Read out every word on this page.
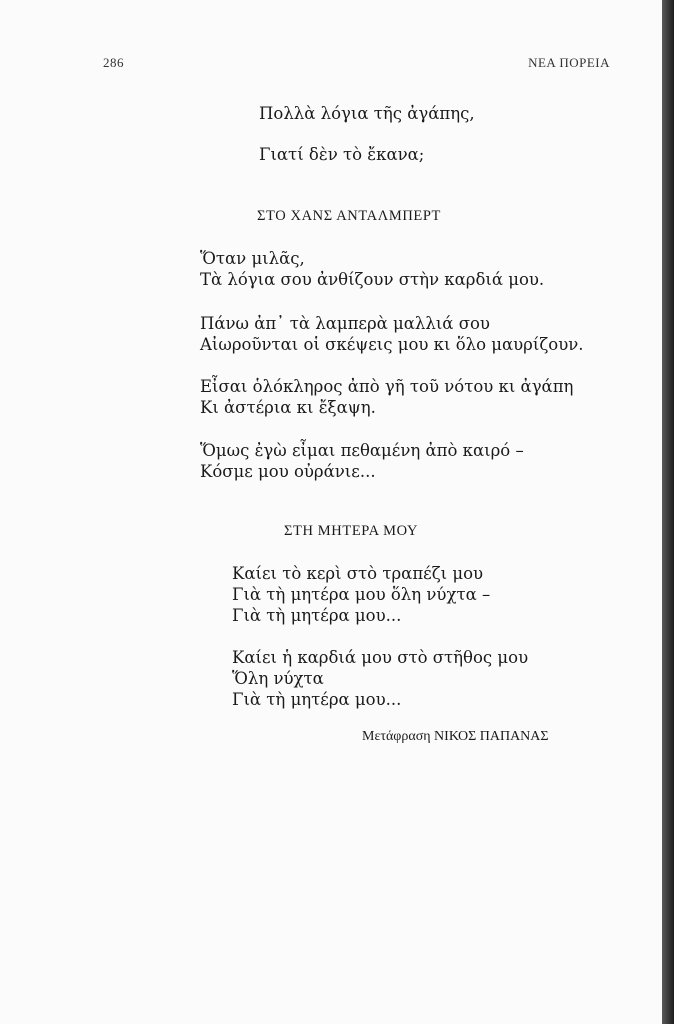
286	ΝΕΑ ΠΟΡΕΙΑ
Πολλὰ λόγια τῆς ἀγάπης,
Γιατί δὲν τὸ ἔκανα;
ΣΤΟ ΧΑΝΣ ΑΝΤΑΛΜΠΕΡΤ
Ὅταν μιλᾶς,
Τὰ λόγια σου ἀνθίζουν στὴν καρδιά μου.
Πάνω ἀπ᾽ τὰ λαμπερὰ μαλλιά σου
Αἰωροῦνται οἱ σκέψεις μου κι ὅλο μαυρίζουν.
Εἶσαι ὁλόκληρος ἀπὸ γῆ τοῦ νότου κι ἀγάπη
Κι ἀστέρια κι ἔξαψη.
Ὅμως ἐγὼ εἶμαι πεθαμένη ἀπὸ καιρό –
Κόσμε μου οὐράνιε...
ΣΤΗ ΜΗΤΕΡΑ ΜΟΥ
Καίει τὸ κερὶ στὸ τραπέζι μου
Γιὰ τὴ μητέρα μου ὅλη νύχτα –
Γιὰ τὴ μητέρα μου...
Καίει ἡ καρδιά μου στὸ στῆθος μου
Ὅλη νύχτα
Γιὰ τὴ μητέρα μου...
Μετάφραση ΝΙΚΟΣ ΠΑΠΑΝΑΣ
